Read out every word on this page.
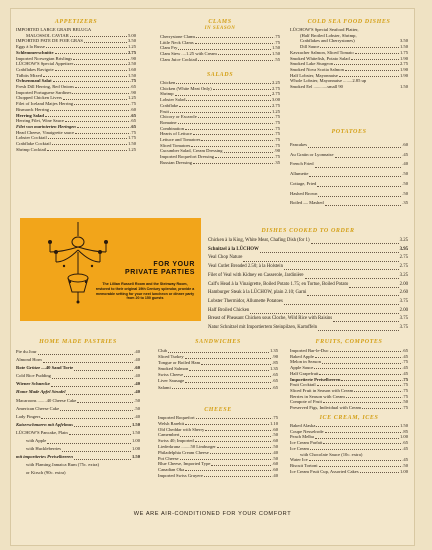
APPETIZERS
IMPORTED LARGE GRAIN BELUGA
MALOSSOL CAVIAR	5.00
IMPORTED PATE DE FOIE GRAS	3.50
Eggs à la Russe	1.25
Schlemmerschnitte	2.75
Imported Norwegian Brislings	.90
LÜCHOW'S Special Appetizer	2.50
Crabflakes Ravigote	1.60
Tidbits Mixed	1.50
Ochsenmaul Salat	.75
Fresh Dill Herring, Red Onions	.65
Imported Portuguese Sardines	.90
Chopped Chicken Livers	1.25
Filet of Iceland Matjes Herring	.75
Bismarck Herring	.60
Herring Salad	.65
Herring Filet, Wine Sauce	.65
Filet von marinierten Heringen	.65
Head Cheese, Vinaigrette sauce	.75
Lobster Cocktail	1.75
Crabflake Cocktail	1.50
Shrimp Cocktail	1.25
CLAMS
IN SEASON
Cherrystone Clams	.75
Little Neck Clams	.75
Clam Fry	1.50
Clam Stew ....1.25 with Cream	1.50
Clam Juice Cocktail	.55
SALADS
Chicken	2.25
Chicken (White Meat Only)	2.75
Shrimp	2.75
Lobster Salad	3.00
Crabflake	2.75
Fruit	1.25
Chicory or Escarole	.75
Romaine	.75
Combination	.75
Hearts of Lettuce	.75
Lettuce and Tomatoes	.75
Sliced Tomatoes	.75
Cucumber Salad, Cream Dressing	.90
Imported Roquefort Dressing	.75
Russian Dressing	.35
COLD SEA FOOD DISHES
LÜCHOW'S Special Seafood Platter,
(Half Broiled Lobster, Shrimp,
Crabflakes and Cherrystones)	3.50
Dill Sauce	1.50
Kavzacher Salmon, Sliced Tomato	1.75
Smoked Whitefish, Potato Salad	1.90
Smoked Lake Sturgeon	2.75
Smoked Nova Scotia Salmon	1.90
Half Lobster, Mayonnaise	1.90
Whole Lobster, Mayonnaise ........2.85 up
Smoked Eel ............small 90	1.50
POTATOES
Pancakes	.60
Au Gratin or Lyonnaise	.45
French Fried	.40
Allumette	.50
Cottage, Fried	.50
Hashed Brown	.50
Boiled — Mashed	.35
FOR YOUR
PRIVATE PARTIES
The Lillian Russell Room and the Steinway Room, restored to their original 19th Century splendor, provide a memorable setting for your next luncheon or dinner party from 20 to 150 guests
DISHES COOKED TO ORDER
Chicken à la King, White Meat, Chafing Dish (for 1)	3.25
Schnitzel à la LÜCHOW	3.95
Veal Chop Nature	2.75
Veal Cutlet Breaded 2.50; à la Holstein	2.75
Filet of Veal with Kidney en Casserole, Jardinière	3.25
Calf's Head à la Vinaigrette, Boiled Potato 1.75; en Tortue, Boiled Potato	2.00
Hamburger Steak à la LÜCHOW, plain 2.10; Garni	2.60
Lobster Thermidor, Allumette Potatoes	3.75
Half Broiled Chicken	2.00
Breast of Pheasant Chicken sous Cloche, Wild Rice with Raisins	3.75
Natur Schnitzel mit Importiertem Steinpilzen, Kartoffeln	3.75
HOME MADE PASTRIES
Pie du Jour	.40
Almond Horn	.40
Rote Grütze ....40 Sand Torte	.60
Cold Rice Pudding	.40
Wiener Schnecke	.40
Home Made Apfel Strudel	.40
Macaroons ........40 Cheese Cake	.50
American Cheese Cake	.50
Lady Fingers	.40
Kaiserschmarrn mit Apfelmus	1.50
LÜCHOW'S Pancake, Plain	1.50
with Apple	1.00
with Huckleberries	1.00
mit importiertes Preiselbeeren	1.50
with Flaming Jamaica Rum (75c. extra)
or Kirsch (90c. extra)
SANDWICHES
Club	1.35
Sliced Turkey	.90
Tongue or Boiled Ham	.85
Smoked Salmon	1.35
Swiss Cheese	.65
Liver Sausage	.65
Salami	.65
CHEESE
Imported Roquefort	.75
Welsh Rarebit	1.10
Old Cheddar with Sherry	.60
Camembert	.50
Swiss 40; Imported	.60
Liederkranz ........50 Limburger	.50
Philadelphia Cream Cheese	.40
Pot Cheese	.50
Blue Cheese, Imported Type	.60
Canadian Oka	.60
Imported Swiss Gruyere	.40
FRUITS, COMPOTES
Imported Bar-le-Duc	.65
Baked Apple	.45
Melon in Season	.75
Apple Sauce	.45
Half Grapefruit	.45
Importierte Preiselbeeren	.75
Fruit Cocktail	.75
Sliced Fruit in Season with Cream	.75
Berries in Season with Cream	.75
Compote of Fruit	.50
Preserved Figs, Individual with Cream	.75
ICE CREAM, ICES
Baked Alaska	1.50
Coupe Nesselrode	.85
Peach Melba	1.00
Ice Cream Parfait	.65
Ice Cream	.45
with Chocolate Sauce (10c. extra)
Water Ice	.45
Biscuit Tortoni	.50
Ice Cream Fruit Cup, Assorted Cakes	1.00
WE ARE AIR-CONDITIONED FOR YOUR COMFORT
